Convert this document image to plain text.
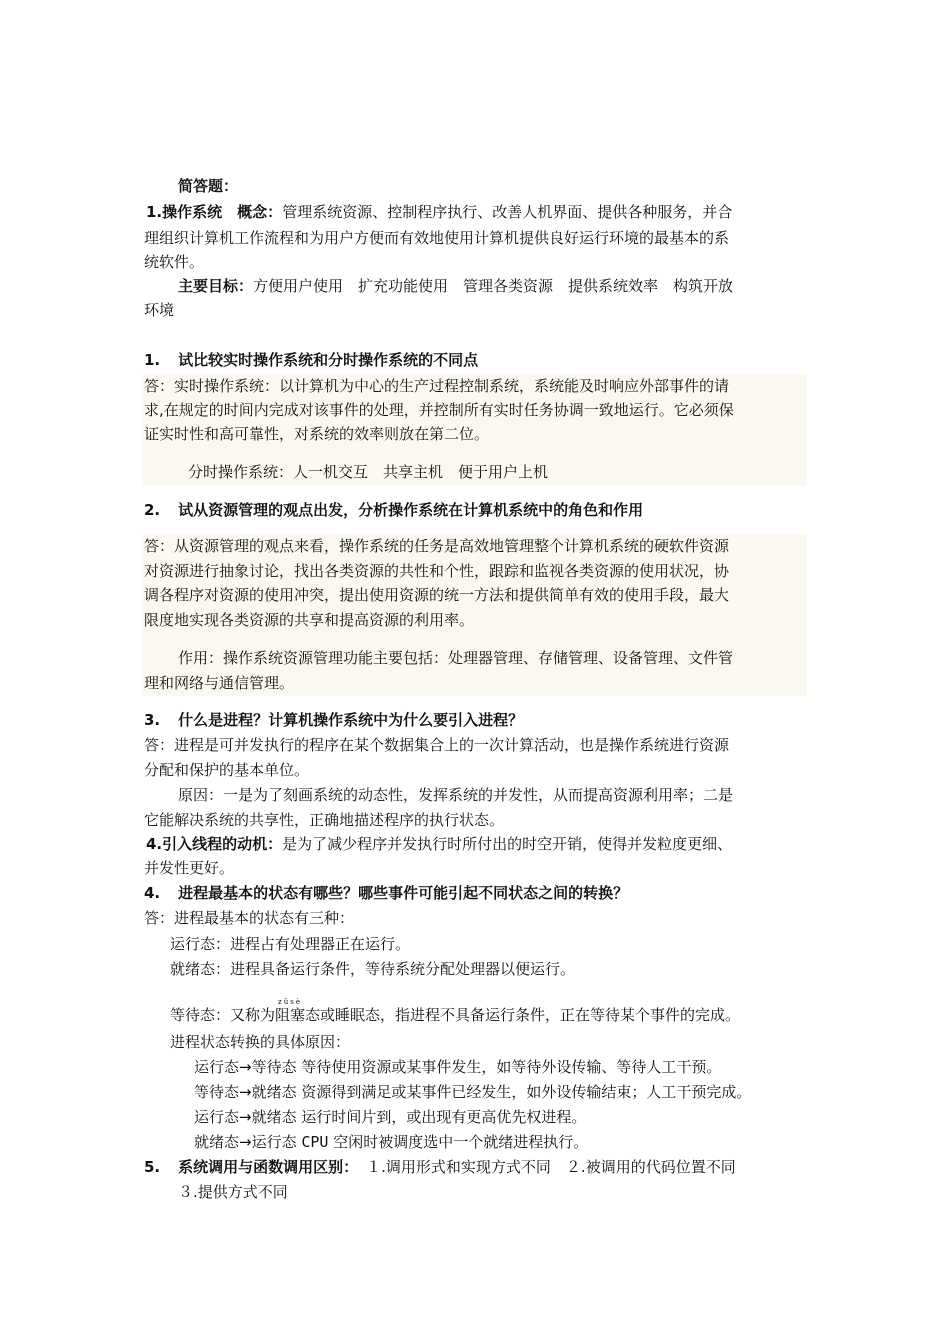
简答题：
1.操作系统　 概念：管理系统资源、控制程序执行、改善人机界面、提供各种服务，并合
理组织计算机工作流程和为用户方便而有效地使用计算机提供良好运行环境的最基本的系
统软件。
主要目标：方便用户使用　扩充功能使用　管理各类资源　提供系统效率　构筑开放
环境
1. 试比较实时操作系统和分时操作系统的不同点
答：实时操作系统：以计算机为中心的生产过程控制系统，系统能及时响应外部事件的请
求,在规定的时间内完成对该事件的处理，并控制所有实时任务协调一致地运行。它必须保
证实时性和高可靠性，对系统的效率则放在第二位。
分时操作系统：人一机交互　共享主机　便于用户上机
2. 试从资源管理的观点出发，分析操作系统在计算机系统中的角色和作用
答：从资源管理的观点来看，操作系统的任务是高效地管理整个计算机系统的硬软件资源
对资源进行抽象讨论，找出各类资源的共性和个性，跟踪和监视各类资源的使用状况，协
调各程序对资源的使用冲突，提出使用资源的统一方法和提供简单有效的使用手段，最大
限度地实现各类资源的共享和提高资源的利用率。
作用：操作系统资源管理功能主要包括：处理器管理、存储管理、设备管理、文件管
理和网络与通信管理。
3. 什么是进程？计算机操作系统中为什么要引入进程？
答：进程是可并发执行的程序在某个数据集合上的一次计算活动，也是操作系统进行资源
分配和保护的基本单位。
原因：一是为了刻画系统的动态性，发挥系统的并发性，从而提高资源利用率；二是
它能解决系统的共享性，正确地描述程序的执行状态。
4.引入线程的动机：是为了减少程序并发执行时所付出的时空开销，使得并发粒度更细、
并发性更好。
4. 进程最基本的状态有哪些？哪些事件可能引起不同状态之间的转换？
答：进程最基本的状态有三种：
运行态：进程占有处理器正在运行。
就绪态：进程具备运行条件，等待系统分配处理器以便运行。
等待态：又称为阻塞zǔsè态或睡眠态，指进程不具备运行条件，正在等待某个事件的完成。
进程状态转换的具体原因：
运行态→等待态 等待使用资源或某事件发生，如等待外设传输、等待人工干预。
等待态→就绪态 资源得到满足或某事件已经发生，如外设传输结束；人工干预完成。
运行态→就绪态 运行时间片到，或出现有更高优先权进程。
就绪态→运行态 CPU 空闲时被调度选中一个就绪进程执行。
5. 系统调用与函数调用区别： １.调用形式和实现方式不同　２.被调用的代码位置不同
３.提供方式不同
